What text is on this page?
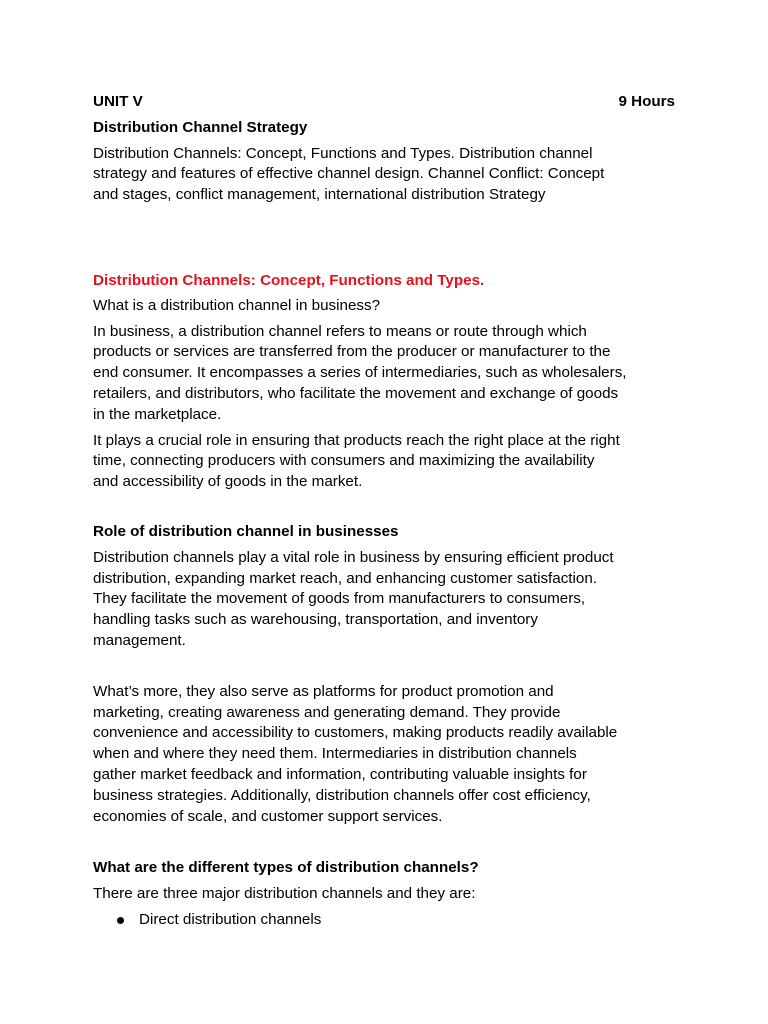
UNIT V	9 Hours

Distribution Channel Strategy

Distribution Channels: Concept, Functions and Types. Distribution channel

strategy and features of effective channel design. Channel Conflict: Concept

and stages, conflict management, international distribution Strategy

Distribution Channels: Concept, Functions and Types.

What is a distribution channel in business?

In business, a distribution channel refers to means or route through which

products or services are transferred from the producer or manufacturer to the

end consumer. It encompasses a series of intermediaries, such as wholesalers,

retailers, and distributors, who facilitate the movement and exchange of goods

in the marketplace.

It plays a crucial role in ensuring that products reach the right place at the right

time, connecting producers with consumers and maximizing the availability

and accessibility of goods in the market.

Role of distribution channel in businesses

Distribution channels play a vital role in business by ensuring efficient product

distribution, expanding market reach, and enhancing customer satisfaction.

They facilitate the movement of goods from manufacturers to consumers,

handling tasks such as warehousing, transportation, and inventory

management.

What’s more, they also serve as platforms for product promotion and

marketing, creating awareness and generating demand. They provide

convenience and accessibility to customers, making products readily available

when and where they need them. Intermediaries in distribution channels

gather market feedback and information, contributing valuable insights for

business strategies. Additionally, distribution channels offer cost efficiency,

economies of scale, and customer support services.

What are the different types of distribution channels?

There are three major distribution channels and they are:

Direct distribution channels
